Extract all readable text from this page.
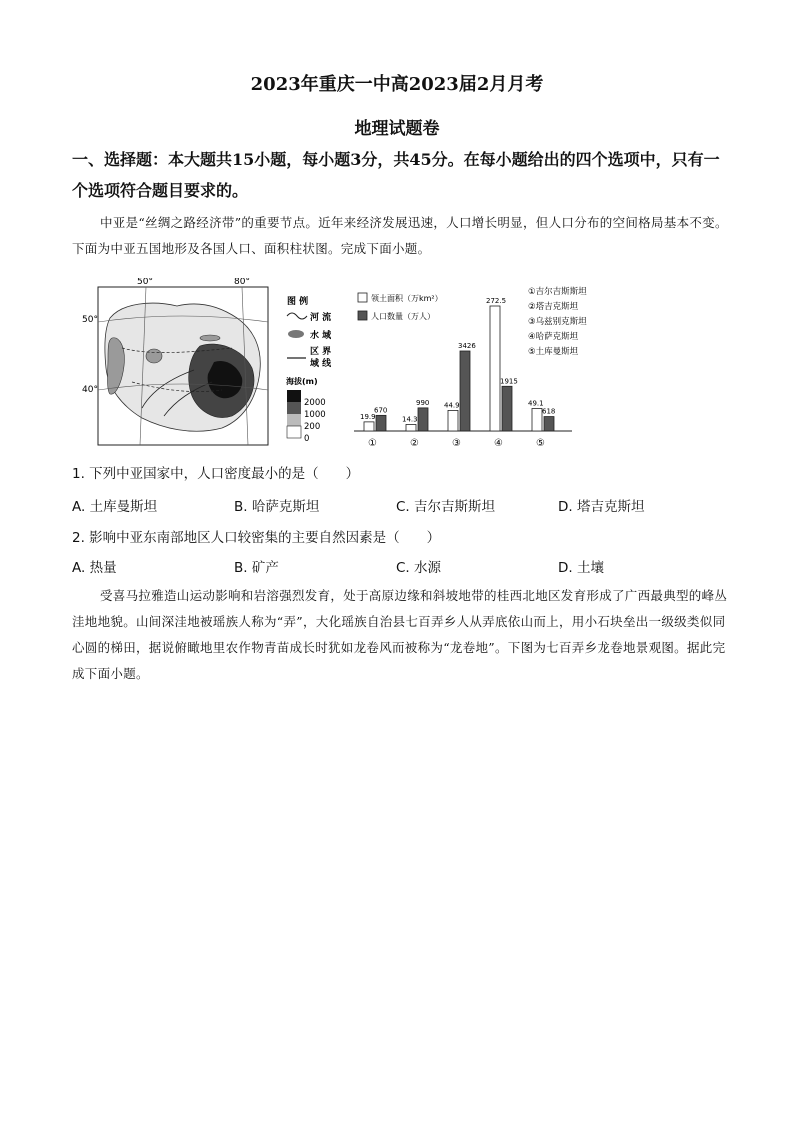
2023年重庆一中高2023届2月月考
地理试题卷
一、选择题：本大题共15小题，每小题3分，共45分。在每小题给出的四个选项中，只有一个选项符合题目要求的。
中亚是“丝绸之路经济带”的重要节点。近年来经济发展迅速，人口增长明显，但人口分布的空间格局基本不变。下面为中亚五国地形及各国人口、面积柱状图。完成下面小题。
50°	80°
50°
40°
图 例
河 流
水 域
区 界
域 线
海拔(m)
2000
1000
200
0
领土面积（万km²）
人口数量（万人）
19.9
670
①
14.3
990
②
44.9
3426
③
272.5
1915
④
49.1
618
⑤
①吉尔吉斯斯坦
②塔吉克斯坦
③乌兹别克斯坦
④哈萨克斯坦
⑤土库曼斯坦
1. 下列中亚国家中，人口密度最小的是（　　）
A. 土库曼斯坦	B. 哈萨克斯坦	C. 吉尔吉斯斯坦	D. 塔吉克斯坦
2. 影响中亚东南部地区人口较密集的主要自然因素是（　　）
A. 热量	B. 矿产	C. 水源	D. 土壤
受喜马拉雅造山运动影响和岩溶强烈发育，处于高原边缘和斜坡地带的桂西北地区发育形成了广西最典型的峰丛洼地地貌。山间深洼地被瑶族人称为“弄”，大化瑶族自治县七百弄乡人从弄底依山而上，用小石块垒出一级级类似同心圆的梯田，据说俯瞰地里农作物青苗成长时犹如龙卷风而被称为“龙卷地”。下图为七百弄乡龙卷地景观图。据此完成下面小题。
